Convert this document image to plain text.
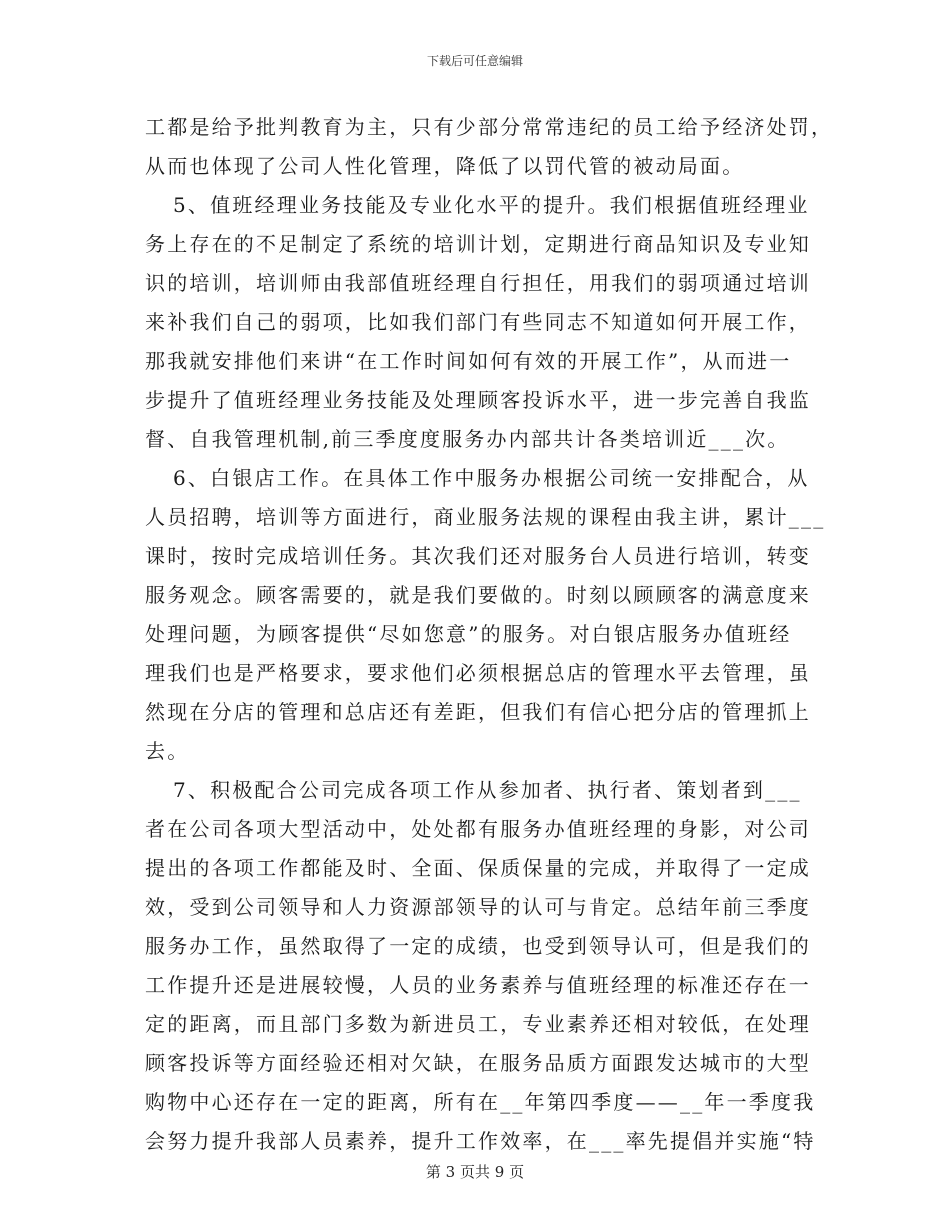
下载后可任意编辑
工都是给予批判教育为主，只有少部分常常违纪的员工给予经济处罚，
从而也体现了公司人性化管理，降低了以罚代管的被动局面。
5、值班经理业务技能及专业化水平的提升。我们根据值班经理业
务上存在的不足制定了系统的培训计划，定期进行商品知识及专业知
识的培训，培训师由我部值班经理自行担任，用我们的弱项通过培训
来补我们自己的弱项，比如我们部门有些同志不知道如何开展工作，
那我就安排他们来讲“在工作时间如何有效的开展工作”，从而进一
步提升了值班经理业务技能及处理顾客投诉水平，进一步完善自我监
督、自我管理机制,前三季度度服务办内部共计各类培训近___次。
6、白银店工作。在具体工作中服务办根据公司统一安排配合，从
人员招聘，培训等方面进行，商业服务法规的课程由我主讲，累计___
课时，按时完成培训任务。其次我们还对服务台人员进行培训，转变
服务观念。顾客需要的，就是我们要做的。时刻以顾顾客的满意度来
处理问题，为顾客提供“尽如您意”的服务。对白银店服务办值班经
理我们也是严格要求，要求他们必须根据总店的管理水平去管理，虽
然现在分店的管理和总店还有差距，但我们有信心把分店的管理抓上
去。
7、积极配合公司完成各项工作从参加者、执行者、策划者到___
者在公司各项大型活动中，处处都有服务办值班经理的身影，对公司
提出的各项工作都能及时、全面、保质保量的完成，并取得了一定成
效，受到公司领导和人力资源部领导的认可与肯定。总结年前三季度
服务办工作，虽然取得了一定的成绩，也受到领导认可，但是我们的
工作提升还是进展较慢，人员的业务素养与值班经理的标准还存在一
定的距离，而且部门多数为新进员工，专业素养还相对较低，在处理
顾客投诉等方面经验还相对欠缺，在服务品质方面跟发达城市的大型
购物中心还存在一定的距离，所有在__年第四季度——__年一季度我
会努力提升我部人员素养，提升工作效率，在___率先提倡并实施“特
第 3 页共 9 页
